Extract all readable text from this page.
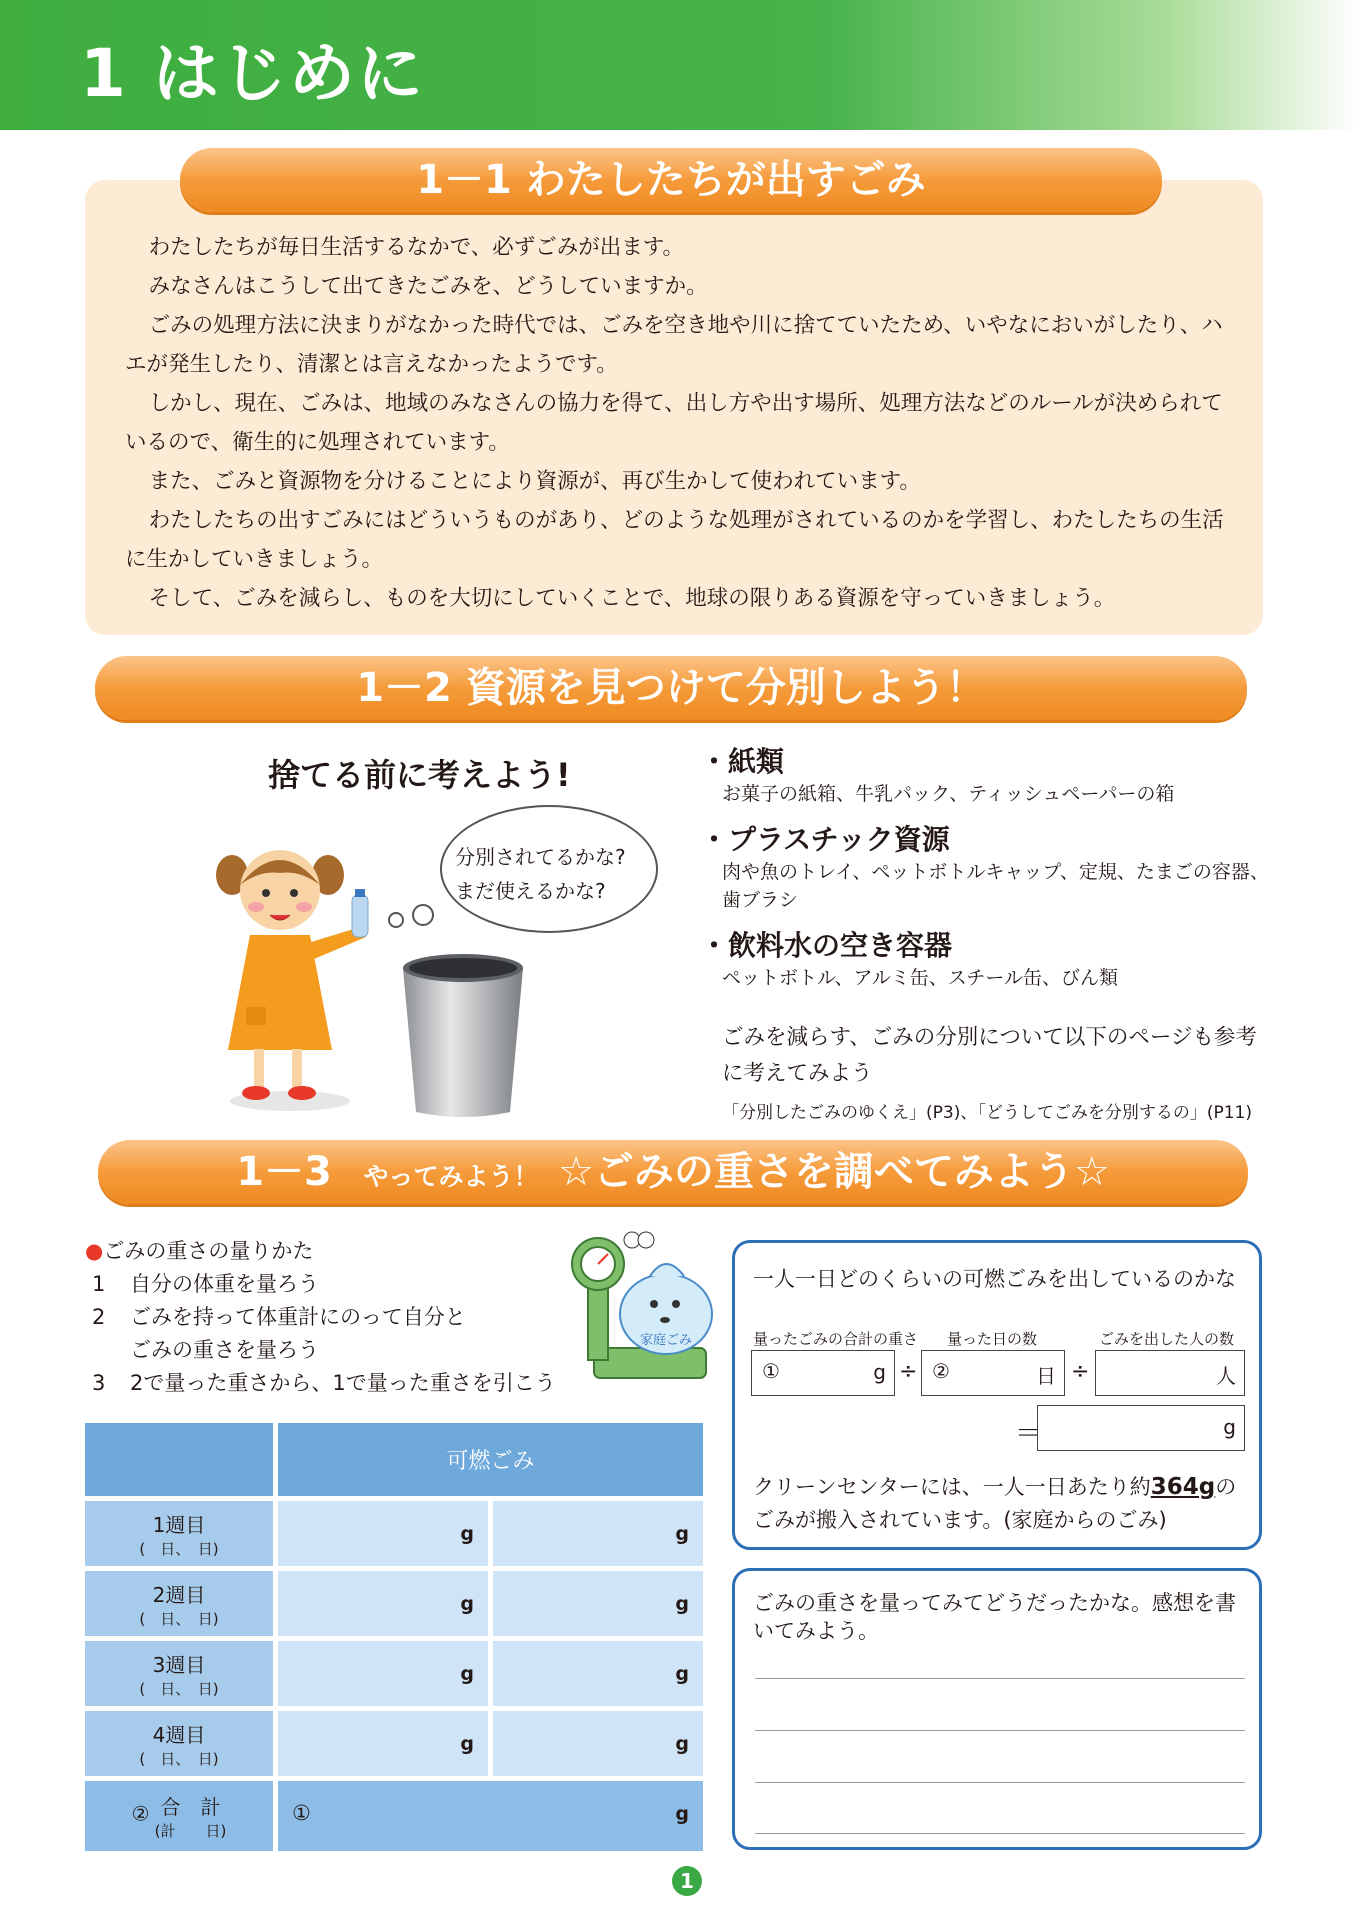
1 はじめに

わたしたちが毎日生活するなかで、必ずごみが出ます。

みなさんはこうして出てきたごみを、どうしていますか。

ごみの処理方法に決まりがなかった時代では、ごみを空き地や川に捨てていたため、いやなにおいがしたり、ハエが発生したり、清潔とは言えなかったようです。

しかし、現在、ごみは、地域のみなさんの協力を得て、出し方や出す場所、処理方法などのルールが決められているので、衛生的に処理されています。

また、ごみと資源物を分けることにより資源が、再び生かして使われています。

わたしたちの出すごみにはどういうものがあり、どのような処理がされているのかを学習し、わたしたちの生活に生かしていきましょう。

そして、ごみを減らし、ものを大切にしていくことで、地球の限りある資源を守っていきましょう。

1－1 わたしたちが出すごみ
1－2 資源を見つけて分別しよう！
捨てる前に考えよう!
分別されてるかな?
まだ使えるかな?
・紙類
お菓子の紙箱、牛乳パック、ティッシュペーパーの箱
・プラスチック資源
肉や魚のトレイ、ペットボトルキャップ、定規、たまごの容器、歯ブラシ
・飲料水の空き容器
ペットボトル、アルミ缶、スチール缶、びん類
ごみを減らす、ごみの分別について以下のページも参考に考えてみよう
「分別したごみのゆくえ」(P3)、「どうしてごみを分別するの」(P11)
1－3 やってみよう！ ☆ごみの重さを調べてみよう☆
●ごみの重さの量りかた
1 自分の体重を量ろう
2 ごみを持って体重計にのって自分と
ごみの重さを量ろう
3 2で量った重さから、1で量った重さを引こう
家庭ごみ
	可燃ごみ	

1週目
(　日、　日)	g	g

2週目
(　日、　日)	g	g

3週目
(　日、　日)	g	g

4週目
(　日、　日)	g	g
② 合　計
(計　　日)	① g	
一人一日どのくらいの可燃ごみを出しているのかな
量ったごみの合計の重さ 量った日の数	ごみを出した人の数
①	g ÷ ②	日 ÷	人
＝	g
クリーンセンターには、一人一日あたり約364gのごみが搬入されています。(家庭からのごみ)
ごみの重さを量ってみてどうだったかな。感想を書いてみよう。
1
